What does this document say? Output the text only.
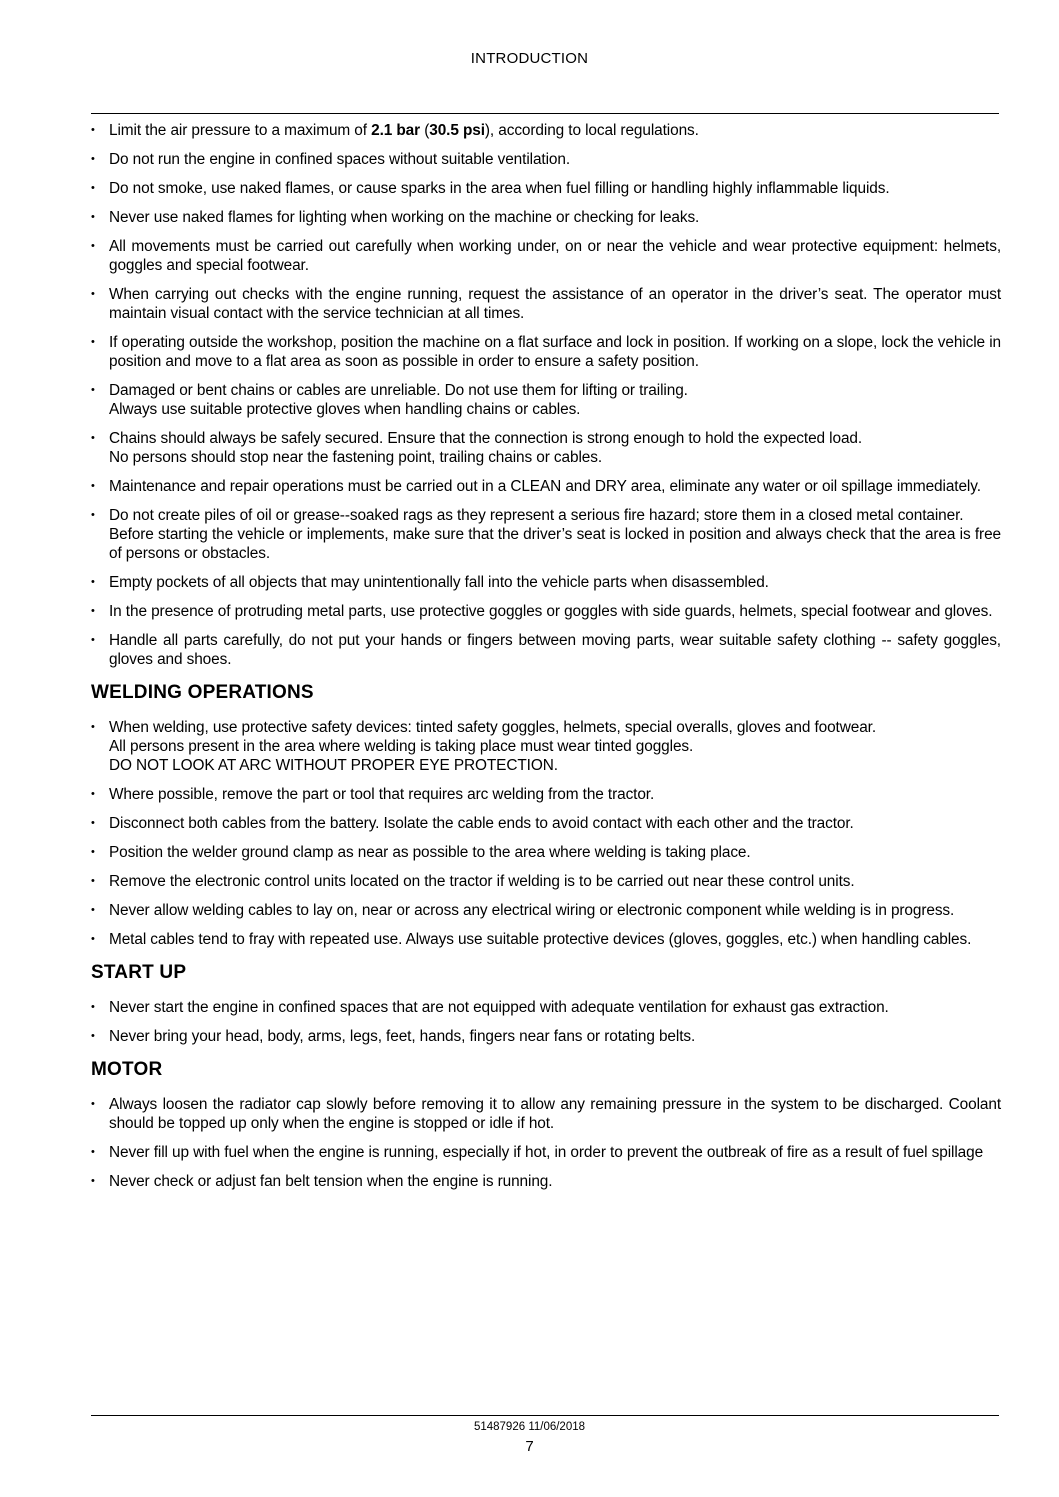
INTRODUCTION
• Limit the air pressure to a maximum of 2.1 bar (30.5 psi), according to local regulations.
• Do not run the engine in confined spaces without suitable ventilation.
• Do not smoke, use naked flames, or cause sparks in the area when fuel filling or handling highly inflammable liquids.
• Never use naked flames for lighting when working on the machine or checking for leaks.
• All movements must be carried out carefully when working under, on or near the vehicle and wear protective equipment: helmets, goggles and special footwear.
• When carrying out checks with the engine running, request the assistance of an operator in the driver’s seat. The operator must maintain visual contact with the service technician at all times.
• If operating outside the workshop, position the machine on a flat surface and lock in position. If working on a slope, lock the vehicle in position and move to a flat area as soon as possible in order to ensure a safety position.
• Damaged or bent chains or cables are unreliable. Do not use them for lifting or trailing.
Always use suitable protective gloves when handling chains or cables.
• Chains should always be safely secured. Ensure that the connection is strong enough to hold the expected load.
No persons should stop near the fastening point, trailing chains or cables.
• Maintenance and repair operations must be carried out in a CLEAN and DRY area, eliminate any water or oil spillage immediately.
• Do not create piles of oil or grease--soaked rags as they represent a serious fire hazard; store them in a closed metal container.
Before starting the vehicle or implements, make sure that the driver’s seat is locked in position and always check that the area is free of persons or obstacles.
• Empty pockets of all objects that may unintentionally fall into the vehicle parts when disassembled.
• In the presence of protruding metal parts, use protective goggles or goggles with side guards, helmets, special footwear and gloves.
• Handle all parts carefully, do not put your hands or fingers between moving parts, wear suitable safety clothing -- safety goggles, gloves and shoes.
WELDING OPERATIONS
• When welding, use protective safety devices: tinted safety goggles, helmets, special overalls, gloves and footwear.
All persons present in the area where welding is taking place must wear tinted goggles.
DO NOT LOOK AT ARC WITHOUT PROPER EYE PROTECTION.
• Where possible, remove the part or tool that requires arc welding from the tractor.
• Disconnect both cables from the battery. Isolate the cable ends to avoid contact with each other and the tractor.
• Position the welder ground clamp as near as possible to the area where welding is taking place.
• Remove the electronic control units located on the tractor if welding is to be carried out near these control units.
• Never allow welding cables to lay on, near or across any electrical wiring or electronic component while welding is in progress.
• Metal cables tend to fray with repeated use. Always use suitable protective devices (gloves, goggles, etc.) when handling cables.
START UP
• Never start the engine in confined spaces that are not equipped with adequate ventilation for exhaust gas extraction.
• Never bring your head, body, arms, legs, feet, hands, fingers near fans or rotating belts.
MOTOR
• Always loosen the radiator cap slowly before removing it to allow any remaining pressure in the system to be discharged. Coolant should be topped up only when the engine is stopped or idle if hot.
• Never fill up with fuel when the engine is running, especially if hot, in order to prevent the outbreak of fire as a result of fuel spillage
• Never check or adjust fan belt tension when the engine is running.
51487926 11/06/2018
7
